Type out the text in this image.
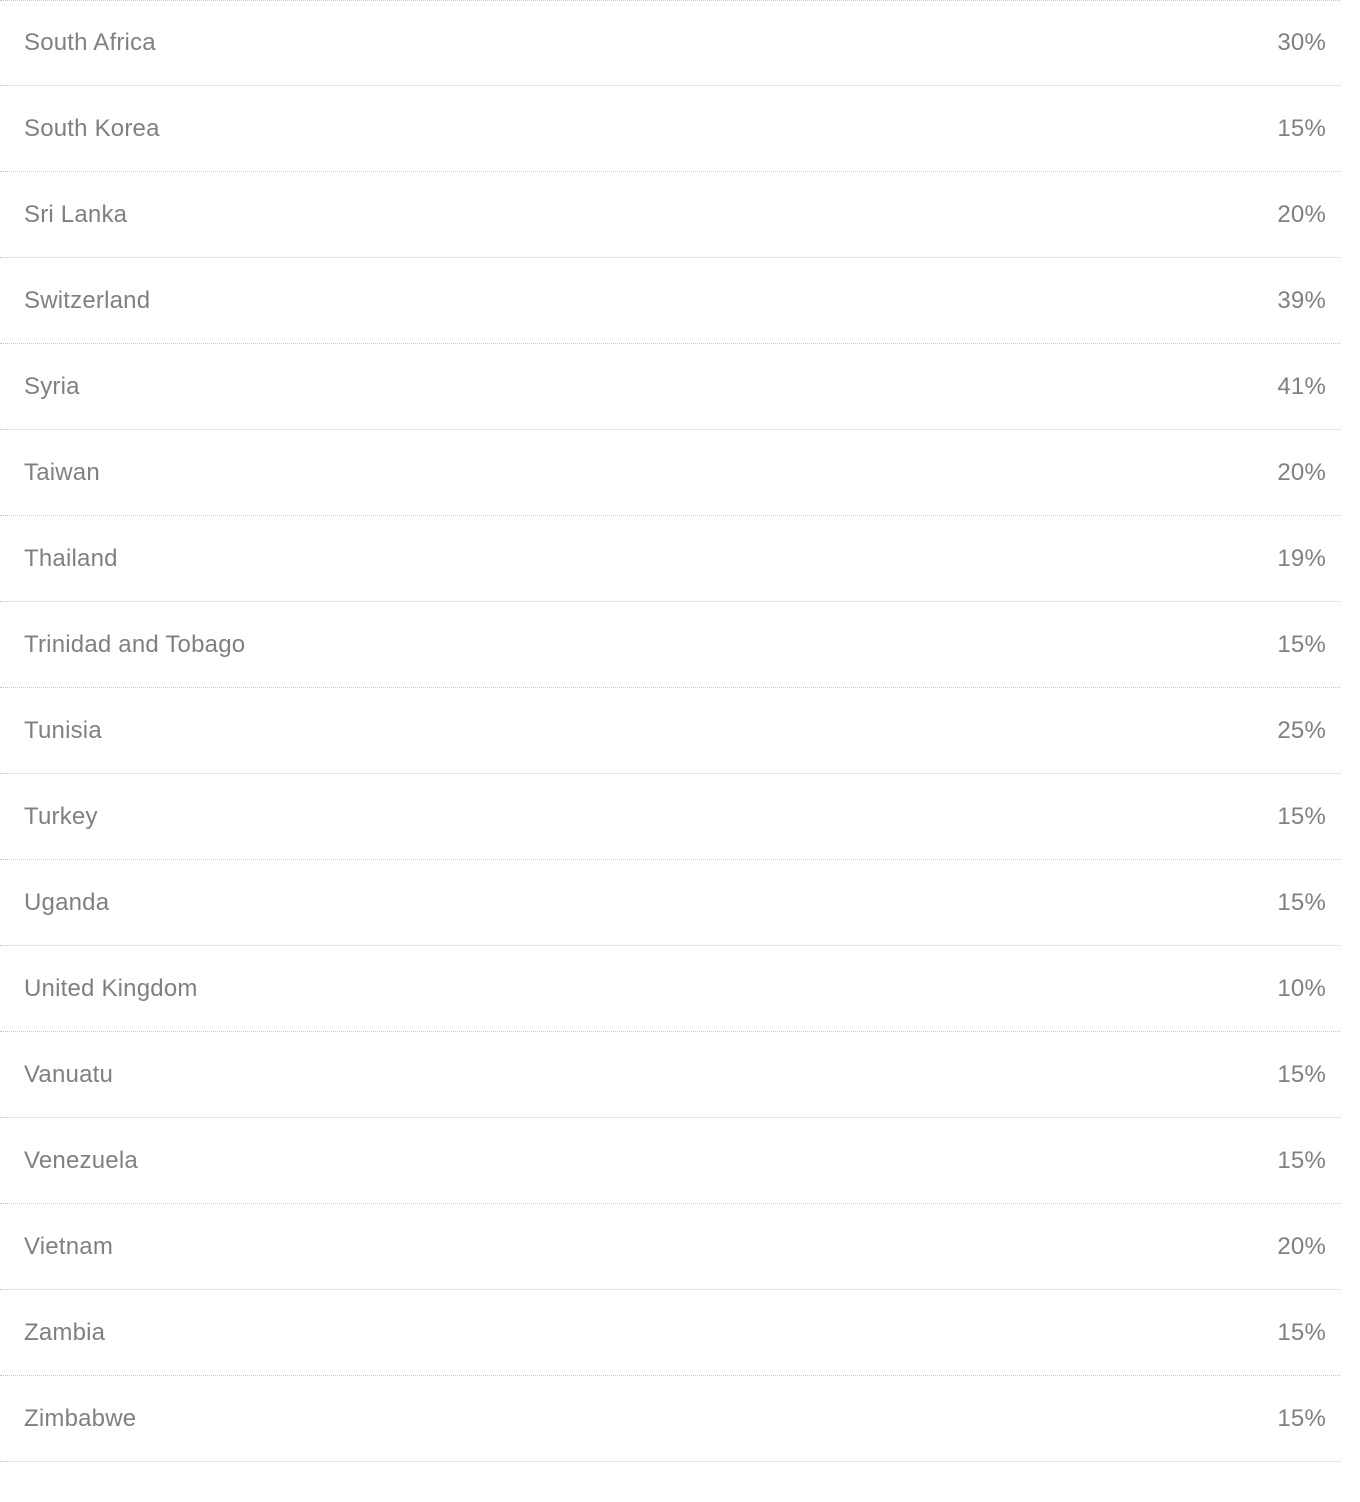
South Africa	30%
South Korea	15%
Sri Lanka	20%
Switzerland	39%
Syria	41%
Taiwan	20%
Thailand	19%
Trinidad and Tobago	15%
Tunisia	25%
Turkey	15%
Uganda	15%
United Kingdom	10%
Vanuatu	15%
Venezuela	15%
Vietnam	20%
Zambia	15%
Zimbabwe	15%
